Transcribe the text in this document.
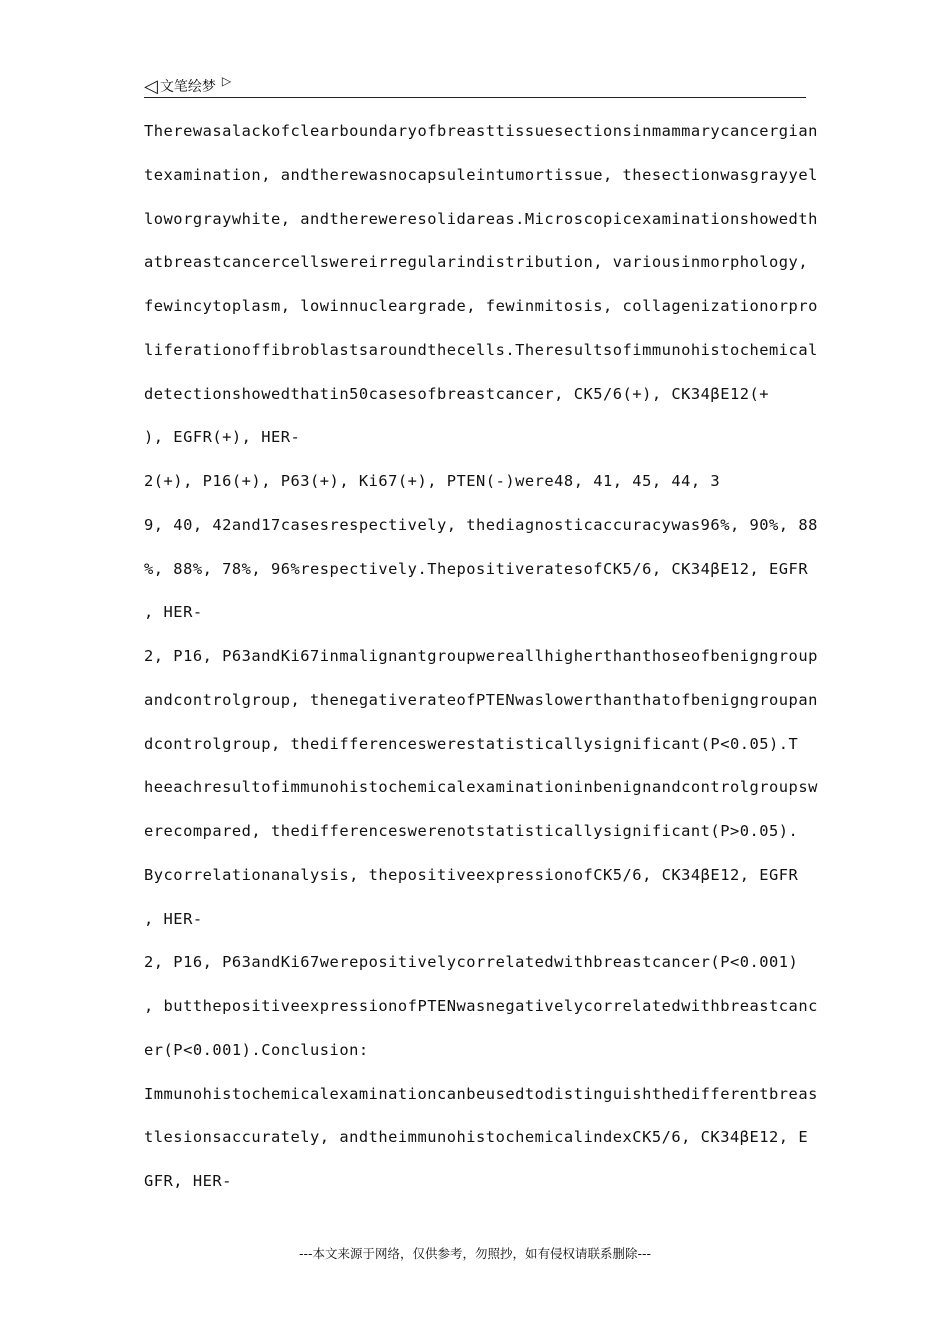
◁ 文笔绘梦 ▷
Therewasalackofclearboundaryofbreasttissuesectionsinmammarycancergian
texamination, andtherewasnocapsuleintumortissue, thesectionwasgrayyel
loworgraywhite, andthereweresolidareas.Microscopicexaminationshowedth
atbreastcancercellswereirregularindistribution, variousinmorphology,
fewincytoplasm, lowinnucleargrade, fewinmitosis, collagenizationorpro
liferationoffibroblastsaroundthecells.Theresultsofimmunohistochemical
detectionshowedthatin50casesofbreastcancer, CK5/6(+), CK34βE12(+
), EGFR(+), HER-
2(+), P16(+), P63(+), Ki67(+), PTEN(-)were48, 41, 45, 44, 3
9, 40, 42and17casesrespectively, thediagnosticaccuracywas96%, 90%, 88
%, 88%, 78%, 96%respectively.ThepositiveratesofCK5/6, CK34βE12, EGFR
, HER-
2, P16, P63andKi67inmalignantgroupwereallhigherthanthoseofbenigngroup
andcontrolgroup, thenegativerateofPTENwaslowerthanthatofbenigngroupan
dcontrolgroup, thedifferenceswerestatisticallysignificant(P<0.05).T
heeachresultofimmunohistochemicalexaminationinbenignandcontrolgroupsw
erecompared, thedifferenceswerenotstatisticallysignificant(P>0.05).
Bycorrelationanalysis, thepositiveexpressionofCK5/6, CK34βE12, EGFR
, HER-
2, P16, P63andKi67werepositivelycorrelatedwithbreastcancer(P<0.001)
, butthepositiveexpressionofPTENwasnegativelycorrelatedwithbreastcanc
er(P<0.001).Conclusion:
Immunohistochemicalexaminationcanbeusedtodistinguishthedifferentbreas
tlesionsaccurately, andtheimmunohistochemicalindexCK5/6, CK34βE12, E
GFR, HER-
---本文来源于网络，仅供参考，勿照抄，如有侵权请联系删除---
